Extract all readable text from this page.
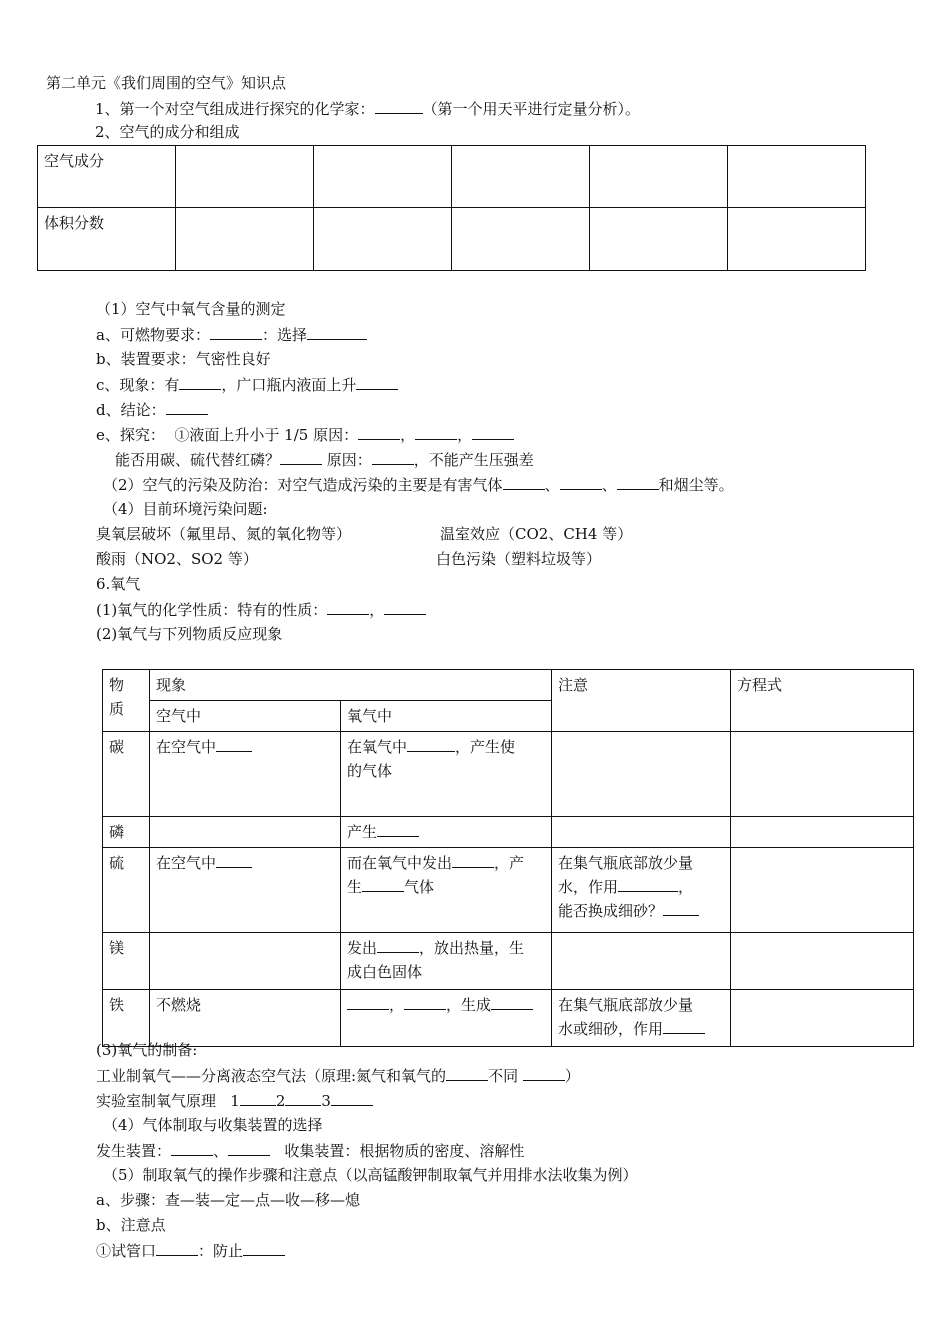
第二单元《我们周围的空气》知识点
1、第一个对空气组成进行探究的化学家：	（第一个用天平进行定量分析）。
2、空气的成分和组成
空气成分					
体积分数					
（1）空气中氧气含量的测定
a、可燃物要求：	：选择
b、装置要求：气密性良好
c、现象：有	，广口瓶内液面上升
d、结论：
e、探究：  ①液面上升小于 1/5 原因：	，	，
能否用碳、硫代替红磷？	原因：	，不能产生压强差
（2）空气的污染及防治：对空气造成污染的主要是有害气体	、	、	和烟尘等。
（4）目前环境污染问题:
臭氧层破坏（氟里昂、氮的氧化物等）	温室效应（CO2、CH4 等）
酸雨（NO2、SO2 等）	白色污染（塑料垃圾等）
6.氧气
(1)氧气的化学性质：特有的性质：	，
(2)氧气与下列物质反应现象
物
质	现象		注意	方程式
	空气中	氧气中		
碳	在空气中	在氧气中 ，产生使
的气体		
磷		产生		
硫	在空气中	而在氧气中发出 ，产
生 气体	在集气瓶底部放少量
水，作用 ，
能否换成细砂？	
镁		发出 ，放出热量，生
成白色固体		
铁	不燃烧	， ，生成	在集气瓶底部放少量
水或细砂，作用	
(3)氧气的制备:
工业制氧气——分离液态空气法（原理:氮气和氧气的	不同	）
实验室制氧气原理   1 2 3
（4）气体制取与收集装置的选择
发生装置：	、	收集装置：根据物质的密度、溶解性
（5）制取氧气的操作步骤和注意点（以高锰酸钾制取氧气并用排水法收集为例）
a、步骤：查—装—定—点—收—移—熄
b、注意点
①试管口	：防止
